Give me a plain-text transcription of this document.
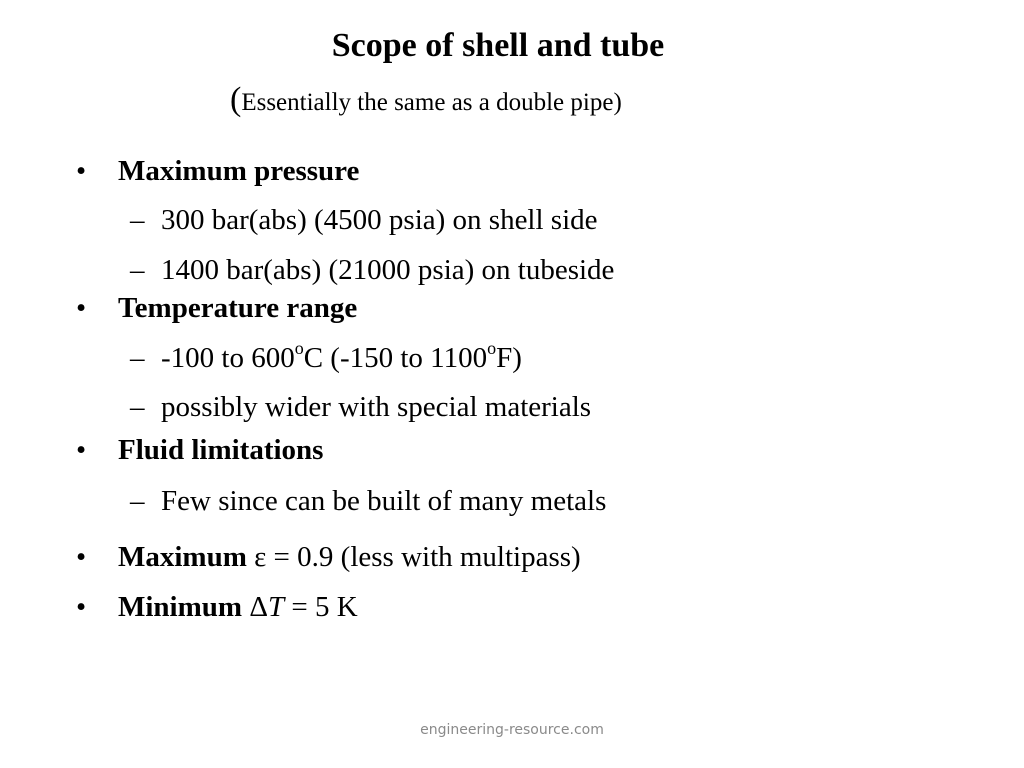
Scope of shell and tube
(Essentially the same as a double pipe)
• Maximum pressure
– 300 bar(abs) (4500 psia) on shell side
– 1400 bar(abs) (21000 psia) on tubeside
• Temperature range
– -100 to 600$^o$C (-150 to 1100$^o$F)
– possibly wider with special materials
• Fluid limitations
– Few since can be built of many metals
• Maximum ε = 0.9 (less with multipass)
• Minimum ΔT = 5 K
engineering-resource.com
